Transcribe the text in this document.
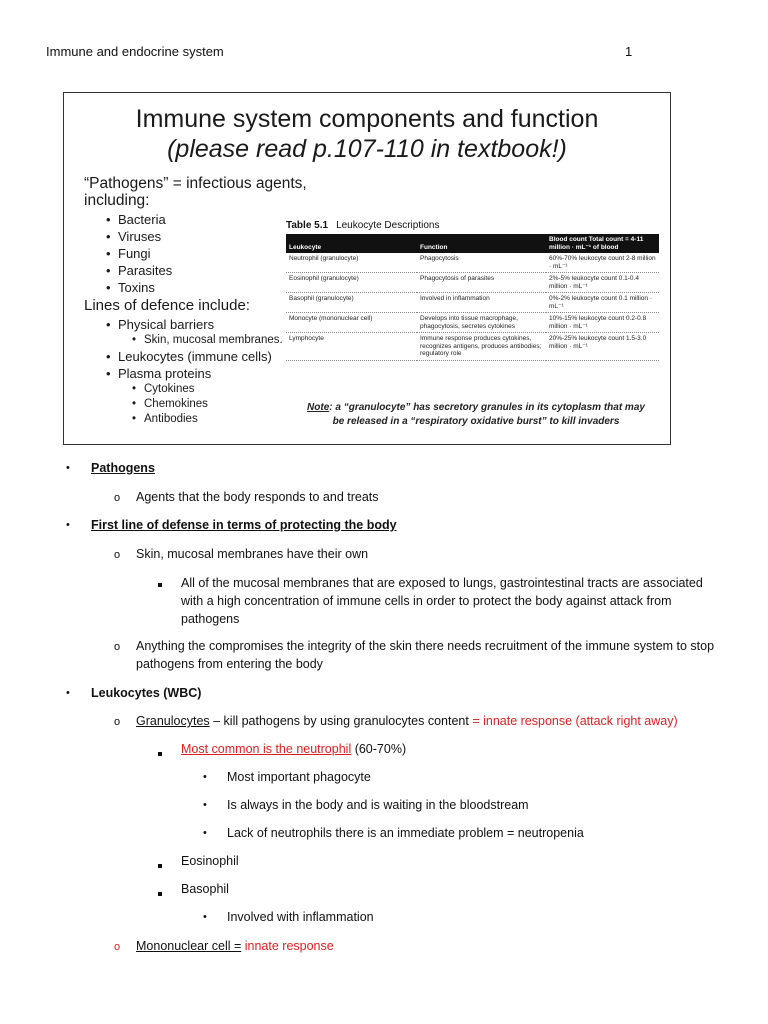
Immune and endocrine system	1
Immune system components and function
(please read p.107-110 in textbook!)
“Pathogens” = infectious agents, including:
• Bacteria
• Viruses
• Fungi
• Parasites
• Toxins
Lines of defence include:
• Physical barriers
• Skin, mucosal membranes.
• Leukocytes (immune cells)
• Plasma proteins
• Cytokines
• Chemokines
• Antibodies
Table 5.1 Leukocyte Descriptions
Leukocyte	Function	Blood count Total count = 4-11 million · mL⁻¹ of blood
Neutrophil (granulocyte)	Phagocytosis	60%-70% leukocyte count 2-8 million · mL⁻¹
Eosinophil (granulocyte)	Phagocytosis of parasites	2%-5% leukocyte count 0.1-0.4 million · mL⁻¹
Basophil (granulocyte)	Involved in inflammation	0%-2% leukocyte count 0.1 million · mL⁻¹
Monocyte (mononuclear cell)	Develops into tissue macrophage, phagocytosis, secretes cytokines	10%-15% leukocyte count 0.2-0.8 million · mL⁻¹
Lymphocyte	Immune response produces cytokines, recognizes antigens, produces antibodies; regulatory role	20%-25% leukocyte count 1.5-3.0 million · mL⁻¹
Note: a “granulocyte” has secretory granules in its cytoplasm that may
be released in a “respiratory oxidative burst” to kill invaders
• Pathogens
o Agents that the body responds to and treats
• First line of defense in terms of protecting the body
o Skin, mucosal membranes have their own
All of the mucosal membranes that are exposed to lungs, gastrointestinal tracts are associated with a high concentration of immune cells in order to protect the body against attack from pathogens
o Anything the compromises the integrity of the skin there needs recruitment of the immune system to stop pathogens from entering the body
• Leukocytes (WBC)
o Granulocytes – kill pathogens by using granulocytes content = innate response (attack right away)
Most common is the neutrophil (60-70%)
• Most important phagocyte
• Is always in the body and is waiting in the bloodstream
• Lack of neutrophils there is an immediate problem = neutropenia
Eosinophil
Basophil
• Involved with inflammation
o Mononuclear cell = innate response
